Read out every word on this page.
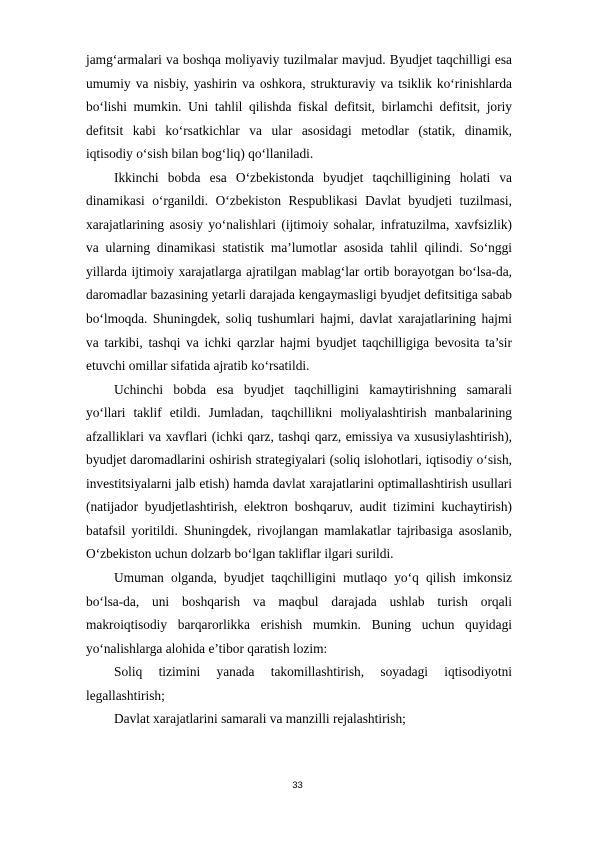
jamg‘armalari va boshqa moliyaviy tuzilmalar mavjud. Byudjet taqchilligi esa umumiy va nisbiy, yashirin va oshkora, strukturaviy va tsiklik ko‘rinishlarda bo‘lishi mumkin. Uni tahlil qilishda fiskal defitsit, birlamchi defitsit, joriy defitsit kabi ko‘rsatkichlar va ular asosidagi metodlar (statik, dinamik, iqtisodiy o‘sish bilan bog‘liq) qo‘llaniladi.

Ikkinchi bobda esa O‘zbekistonda byudjet taqchilligining holati va dinamikasi o‘rganildi. O‘zbekiston Respublikasi Davlat byudjeti tuzilmasi, xarajatlarining asosiy yo‘nalishlari (ijtimoiy sohalar, infratuzilma, xavfsizlik) va ularning dinamikasi statistik ma’lumotlar asosida tahlil qilindi. So‘nggi yillarda ijtimoiy xarajatlarga ajratilgan mablag‘lar ortib borayotgan bo‘lsa-da, daromadlar bazasining yetarli darajada kengaymasligi byudjet defitsitiga sabab bo‘lmoqda. Shuningdek, soliq tushumlari hajmi, davlat xarajatlarining hajmi va tarkibi, tashqi va ichki qarzlar hajmi byudjet taqchilligiga bevosita ta’sir etuvchi omillar sifatida ajratib ko‘rsatildi.

Uchinchi bobda esa byudjet taqchilligini kamaytirishning samarali yo‘llari taklif etildi. Jumladan, taqchillikni moliyalashtirish manbalarining afzalliklari va xavflari (ichki qarz, tashqi qarz, emissiya va xususiylashtirish), byudjet daromadlarini oshirish strategiyalari (soliq islohotlari, iqtisodiy o‘sish, investitsiyalarni jalb etish) hamda davlat xarajatlarini optimallashtirish usullari (natijador byudjetlashtirish, elektron boshqaruv, audit tizimini kuchaytirish) batafsil yoritildi. Shuningdek, rivojlangan mamlakatlar tajribasiga asoslanib, O‘zbekiston uchun dolzarb bo‘lgan takliflar ilgari surildi.

Umuman olganda, byudjet taqchilligini mutlaqo yo‘q qilish imkonsiz bo‘lsa-da, uni boshqarish va maqbul darajada ushlab turish orqali makroiqtisodiy barqarorlikka erishish mumkin. Buning uchun quyidagi yo‘nalishlarga alohida e’tibor qaratish lozim:

Soliq tizimini yanada takomillashtirish, soyadagi iqtisodiyotni legallashtirish;

Davlat xarajatlarini samarali va manzilli rejalashtirish;

33
